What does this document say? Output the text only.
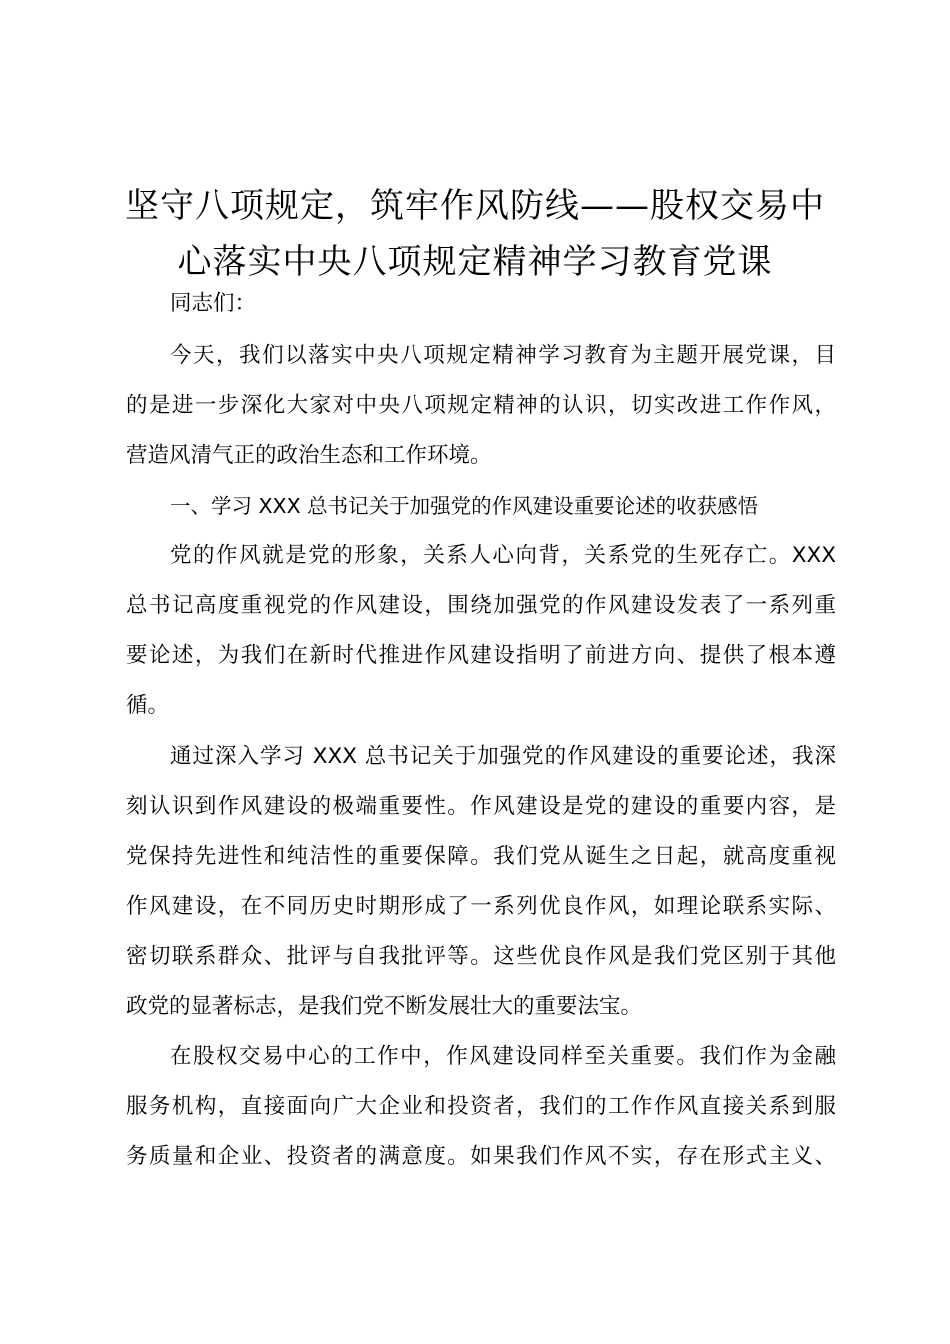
坚守八项规定，筑牢作风防线——股权交易中
心落实中央八项规定精神学习教育党课
同志们：
今天，我们以落实中央八项规定精神学习教育为主题开展党课，目
的是进一步深化大家对中央八项规定精神的认识，切实改进工作作风，
营造风清气正的政治生态和工作环境。
一、学习 XXX 总书记关于加强党的作风建设重要论述的收获感悟
党的作风就是党的形象，关系人心向背，关系党的生死存亡。XXX
总书记高度重视党的作风建设，围绕加强党的作风建设发表了一系列重
要论述，为我们在新时代推进作风建设指明了前进方向、提供了根本遵
循。
通过深入学习 XXX 总书记关于加强党的作风建设的重要论述，我深
刻认识到作风建设的极端重要性。作风建设是党的建设的重要内容，是
党保持先进性和纯洁性的重要保障。我们党从诞生之日起，就高度重视
作风建设，在不同历史时期形成了一系列优良作风，如理论联系实际、
密切联系群众、批评与自我批评等。这些优良作风是我们党区别于其他
政党的显著标志，是我们党不断发展壮大的重要法宝。
在股权交易中心的工作中，作风建设同样至关重要。我们作为金融
服务机构，直接面向广大企业和投资者，我们的工作作风直接关系到服
务质量和企业、投资者的满意度。如果我们作风不实，存在形式主义、
